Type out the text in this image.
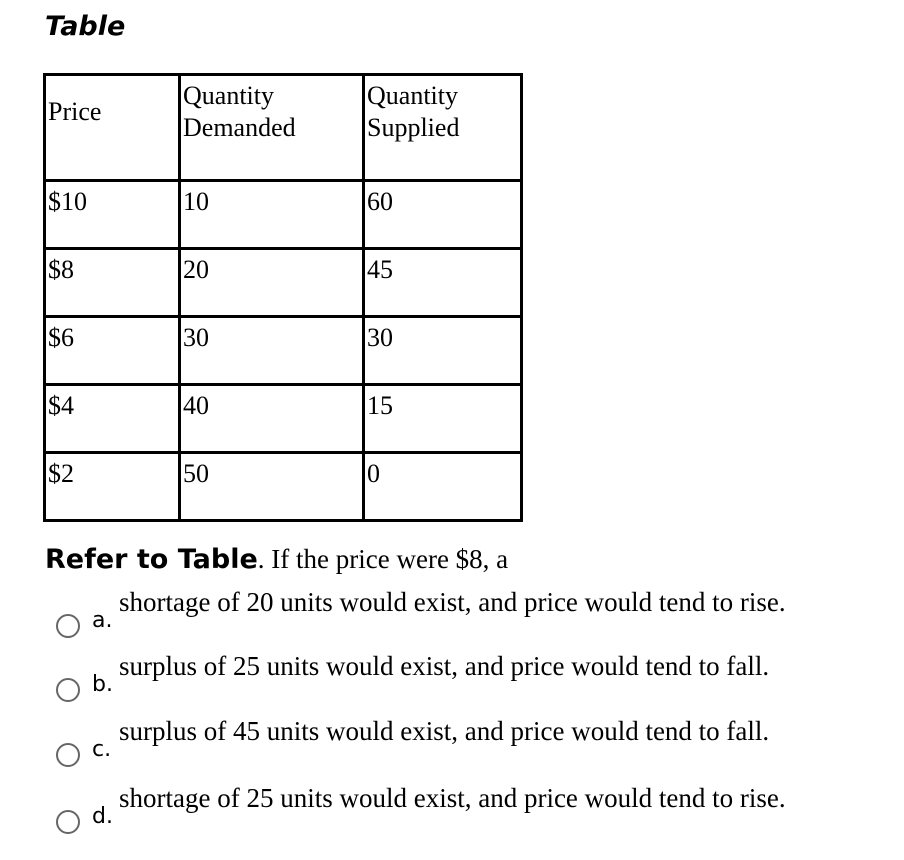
Table
Price	Quantity Demanded	Quantity Supplied
$10	10	60
$8	20	45
$6	30	30
$4	40	15
$2	50	0
Refer to Table. If the price were $8, a
a.
shortage of 20 units would exist, and price would tend to rise.
b.
surplus of 25 units would exist, and price would tend to fall.
c.
surplus of 45 units would exist, and price would tend to fall.
d.
shortage of 25 units would exist, and price would tend to rise.
